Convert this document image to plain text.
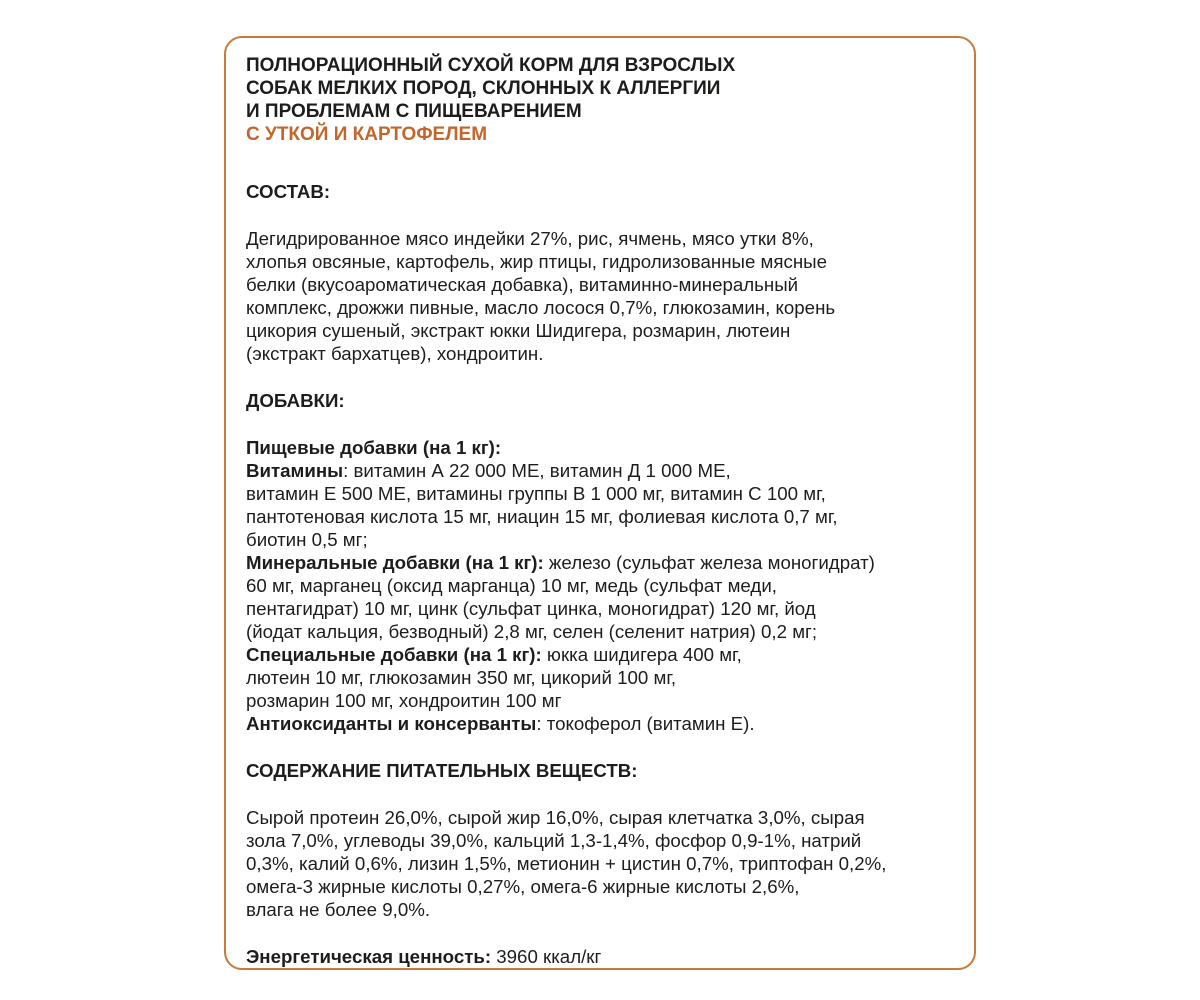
ПОЛНОРАЦИОННЫЙ СУХОЙ КОРМ ДЛЯ ВЗРОСЛЫХ
СОБАК МЕЛКИХ ПОРОД, СКЛОННЫХ К АЛЛЕРГИИ
И ПРОБЛЕМАМ С ПИЩЕВАРЕНИЕМ
С УТКОЙ И КАРТОФЕЛЕМ
СОСТАВ:
Дегидрированное мясо индейки 27%, рис, ячмень, мясо утки 8%,
хлопья овсяные, картофель, жир птицы, гидролизованные мясные
белки (вкусоароматическая добавка), витаминно-минеральный
комплекс, дрожжи пивные, масло лосося 0,7%, глюкозамин, корень
цикория сушеный, экстракт юкки Шидигера, розмарин, лютеин
(экстракт бархатцев), хондроитин.
ДОБАВКИ:
Пищевые добавки (на 1 кг):
Витамины: витамин А 22 000 МЕ, витамин Д 1 000 МЕ,
витамин Е 500 МЕ, витамины группы В 1 000 мг, витамин С 100 мг,
пантотеновая кислота 15 мг, ниацин 15 мг, фолиевая кислота 0,7 мг,
биотин 0,5 мг;
Минеральные добавки (на 1 кг): железо (сульфат железа моногидрат)
60 мг, марганец (оксид марганца) 10 мг, медь (сульфат меди,
пентагидрат) 10 мг, цинк (сульфат цинка, моногидрат) 120 мг, йод
(йодат кальция, безводный) 2,8 мг, селен (селенит натрия) 0,2 мг;
Специальные добавки (на 1 кг): юкка шидигера 400 мг,
лютеин 10 мг, глюкозамин 350 мг, цикорий 100 мг,
розмарин 100 мг, хондроитин 100 мг
Антиоксиданты и консерванты: токоферол (витамин Е).
СОДЕРЖАНИЕ ПИТАТЕЛЬНЫХ ВЕЩЕСТВ:
Сырой протеин 26,0%, сырой жир 16,0%, сырая клетчатка 3,0%, сырая
зола 7,0%, углеводы 39,0%, кальций 1,3-1,4%, фосфор 0,9-1%, натрий
0,3%, калий 0,6%, лизин 1,5%, метионин + цистин 0,7%, триптофан 0,2%,
омега-3 жирные кислоты 0,27%, омега-6 жирные кислоты 2,6%,
влага не более 9,0%.
Энергетическая ценность: 3960 ккал/кг
